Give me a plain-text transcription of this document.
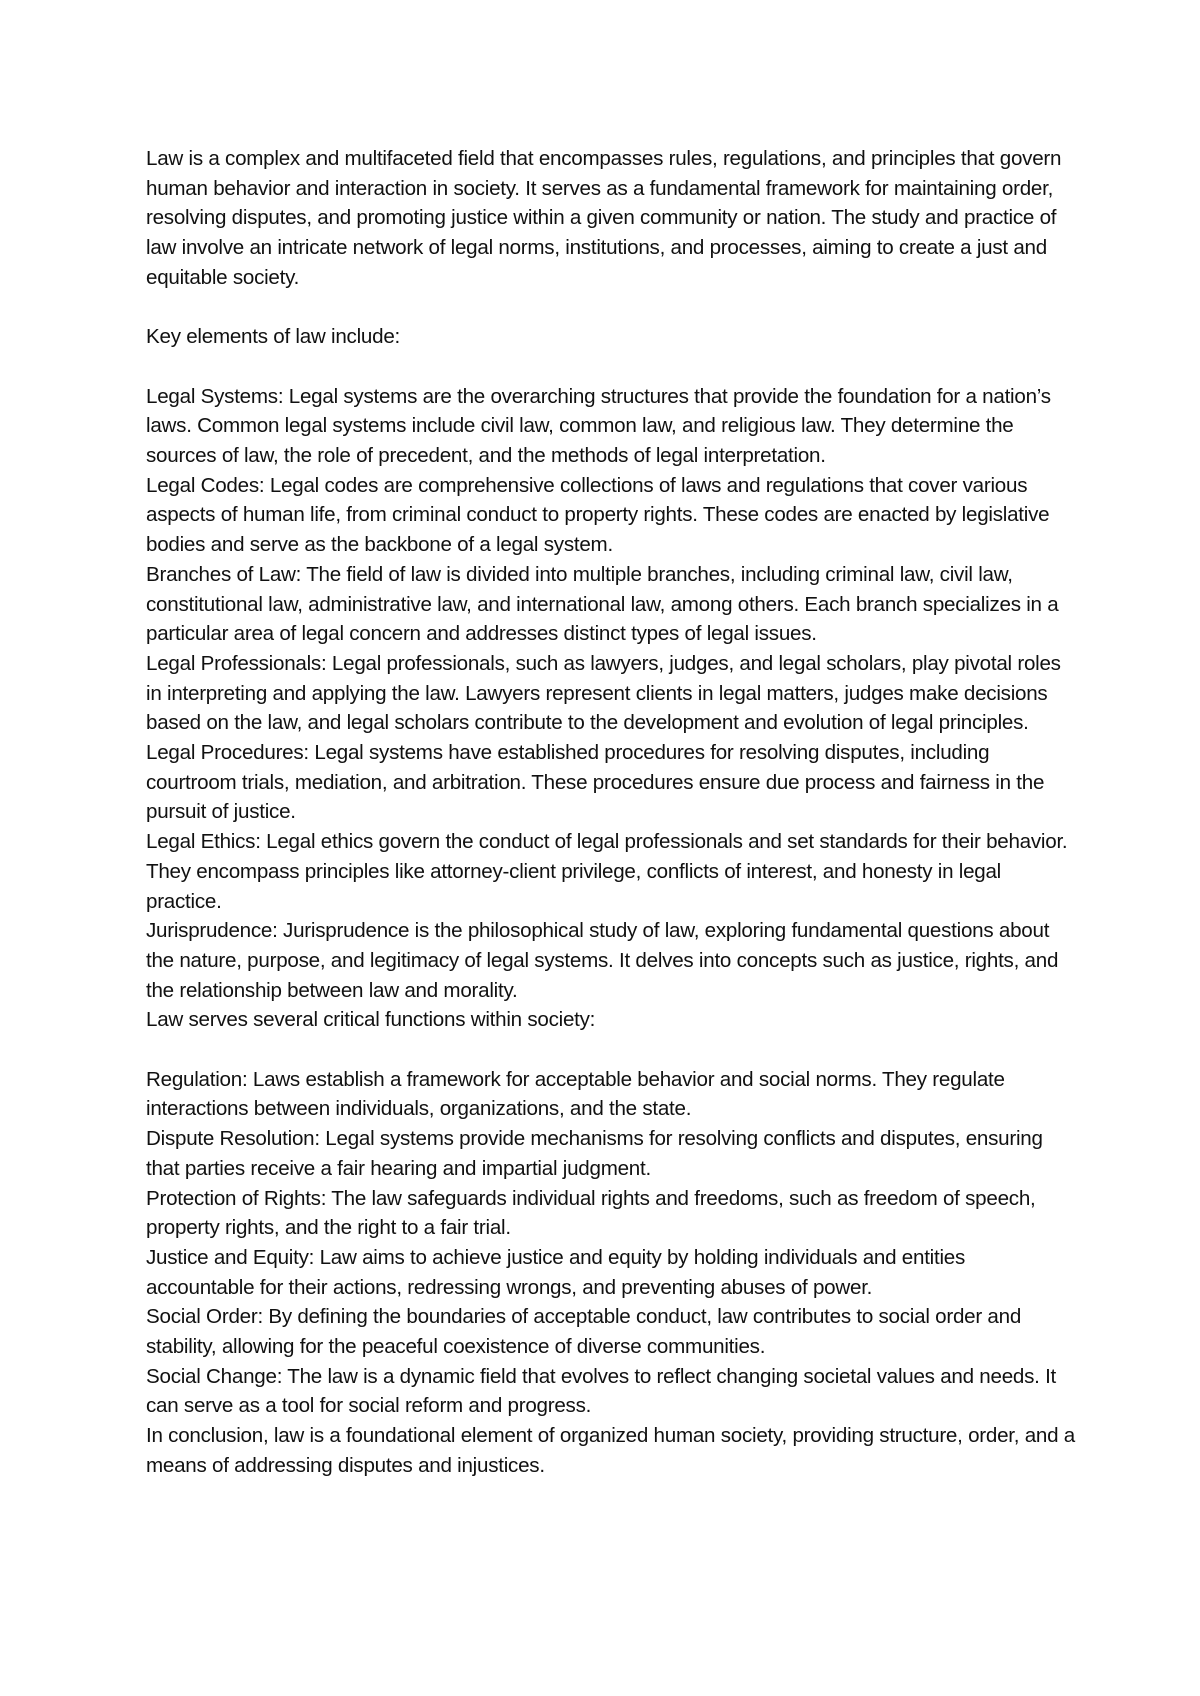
Law is a complex and multifaceted field that encompasses rules, regulations, and principles that govern human behavior and interaction in society. It serves as a fundamental framework for maintaining order, resolving disputes, and promoting justice within a given community or nation. The study and practice of law involve an intricate network of legal norms, institutions, and processes, aiming to create a just and equitable society.

Key elements of law include:

Legal Systems: Legal systems are the overarching structures that provide the foundation for a nation’s laws. Common legal systems include civil law, common law, and religious law. They determine the sources of law, the role of precedent, and the methods of legal interpretation.

Legal Codes: Legal codes are comprehensive collections of laws and regulations that cover various aspects of human life, from criminal conduct to property rights. These codes are enacted by legislative bodies and serve as the backbone of a legal system.

Branches of Law: The field of law is divided into multiple branches, including criminal law, civil law, constitutional law, administrative law, and international law, among others. Each branch specializes in a particular area of legal concern and addresses distinct types of legal issues.

Legal Professionals: Legal professionals, such as lawyers, judges, and legal scholars, play pivotal roles in interpreting and applying the law. Lawyers represent clients in legal matters, judges make decisions based on the law, and legal scholars contribute to the development and evolution of legal principles.

Legal Procedures: Legal systems have established procedures for resolving disputes, including courtroom trials, mediation, and arbitration. These procedures ensure due process and fairness in the pursuit of justice.

Legal Ethics: Legal ethics govern the conduct of legal professionals and set standards for their behavior. They encompass principles like attorney-client privilege, conflicts of interest, and honesty in legal practice.

Jurisprudence: Jurisprudence is the philosophical study of law, exploring fundamental questions about the nature, purpose, and legitimacy of legal systems. It delves into concepts such as justice, rights, and the relationship between law and morality.

Law serves several critical functions within society:

Regulation: Laws establish a framework for acceptable behavior and social norms. They regulate interactions between individuals, organizations, and the state.

Dispute Resolution: Legal systems provide mechanisms for resolving conflicts and disputes, ensuring that parties receive a fair hearing and impartial judgment.

Protection of Rights: The law safeguards individual rights and freedoms, such as freedom of speech, property rights, and the right to a fair trial.

Justice and Equity: Law aims to achieve justice and equity by holding individuals and entities accountable for their actions, redressing wrongs, and preventing abuses of power.

Social Order: By defining the boundaries of acceptable conduct, law contributes to social order and stability, allowing for the peaceful coexistence of diverse communities.

Social Change: The law is a dynamic field that evolves to reflect changing societal values and needs. It can serve as a tool for social reform and progress.

In conclusion, law is a foundational element of organized human society, providing structure, order, and a means of addressing disputes and injustices.
